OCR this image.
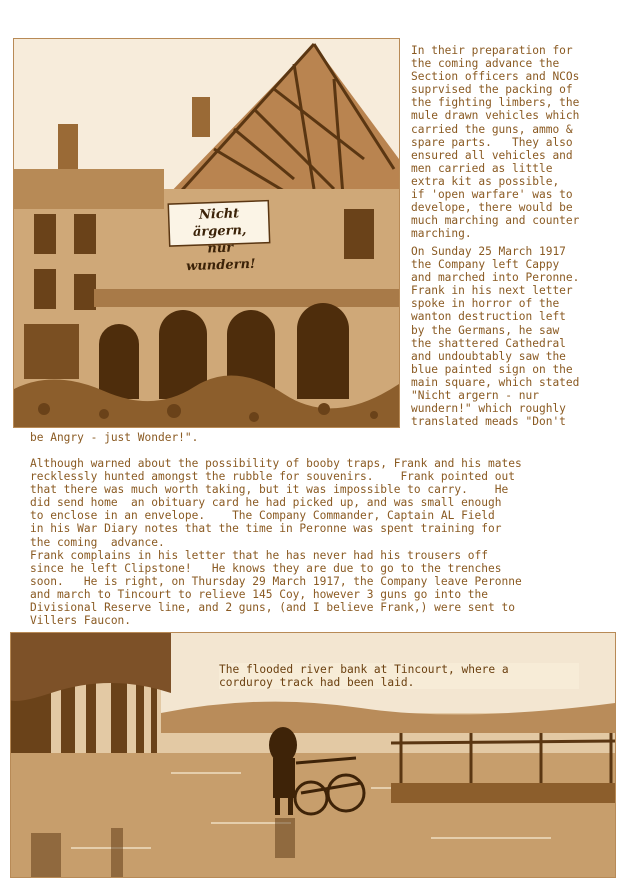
Nicht ärgern,
nur wundern!

In their preparation for
the coming advance the
Section officers and NCOs
suprvised the packing of
the fighting limbers, the
mule drawn vehicles which
carried the guns, ammo &
spare parts.   They also
ensured all vehicles and
men carried as little
extra kit as possible,
if 'open warfare' was to
develope, there would be
much marching and counter
marching.

On Sunday 25 March 1917
the Company left Cappy
and marched into Peronne.
Frank in his next letter
spoke in horror of the
wanton destruction left
by the Germans, he saw
the shattered Cathedral
and undoubtably saw the
blue painted sign on the
main square, which stated
"Nicht argern - nur
wundern!" which roughly
translated meads "Don't

be Angry - just Wonder!".

Although warned about the possibility of booby traps, Frank and his mates
recklessly hunted amongst the rubble for souvenirs.    Frank pointed out
that there was much worth taking, but it was impossible to carry.    He
did send home  an obituary card he had picked up, and was small enough
to enclose in an envelope.    The Company Commander, Captain AL Field
in his War Diary notes that the time in Peronne was spent training for
the coming  advance.

Frank complains in his letter that he has never had his trousers off
since he left Clipstone!   He knows they are due to go to the trenches
soon.   He is right, on Thursday 29 March 1917, the Company leave Peronne
and march to Tincourt to relieve 145 Coy, however 3 guns go into the
Divisional Reserve line, and 2 guns, (and I believe Frank,) were sent to
Villers Faucon.

The flooded river bank at Tincourt, where a
corduroy track had been laid.
